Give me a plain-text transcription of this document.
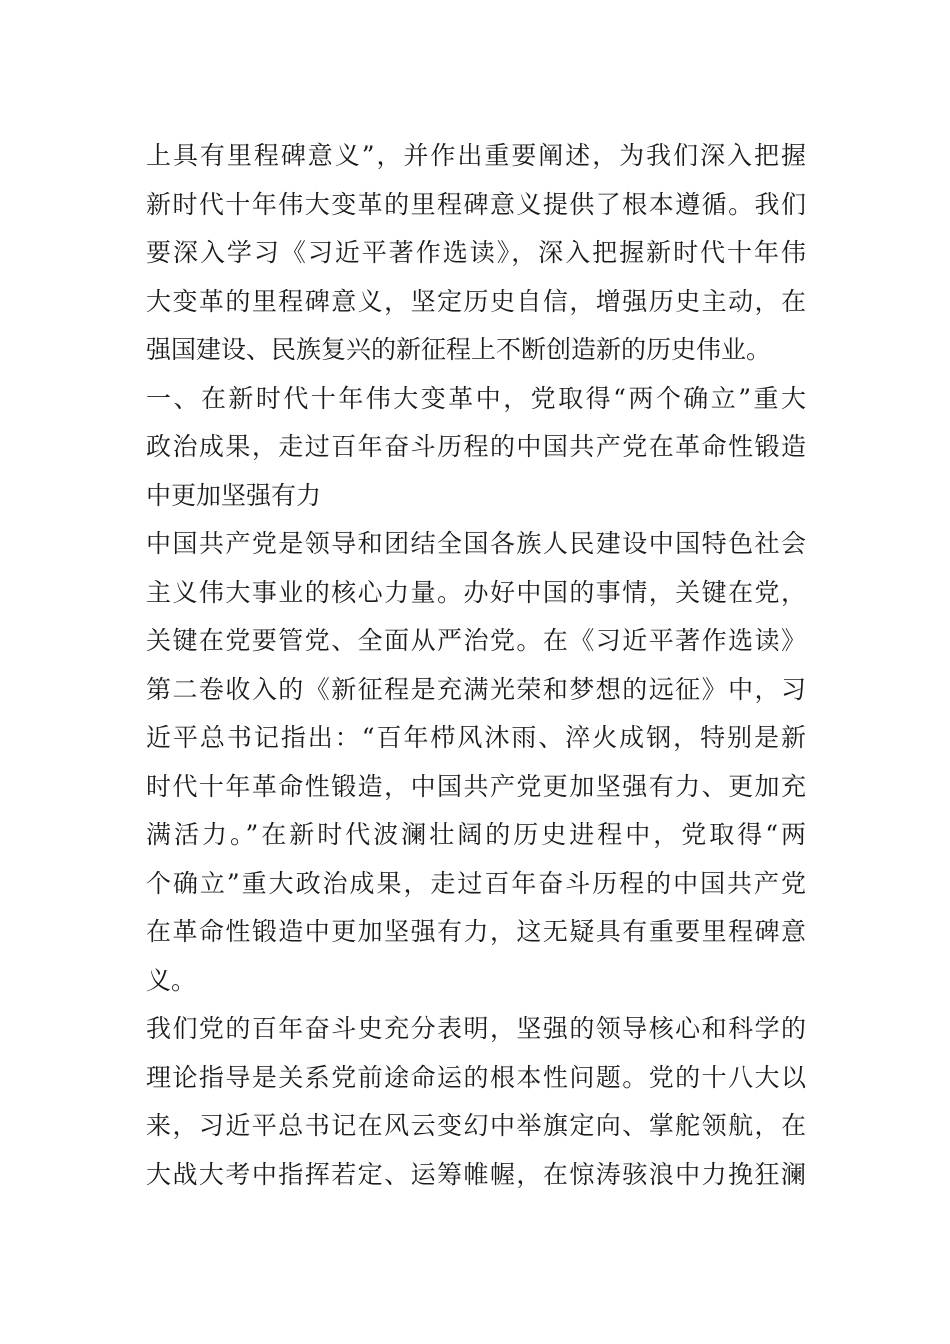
上具有里程碑意义”，并作出重要阐述，为我们深入把握
新时代十年伟大变革的里程碑意义提供了根本遵循。我们
要深入学习《习近平著作选读》，深入把握新时代十年伟
大变革的里程碑意义，坚定历史自信，增强历史主动，在
强国建设、民族复兴的新征程上不断创造新的历史伟业。
一、在新时代十年伟大变革中，党取得“两个确立”重大
政治成果，走过百年奋斗历程的中国共产党在革命性锻造
中更加坚强有力
中国共产党是领导和团结全国各族人民建设中国特色社会
主义伟大事业的核心力量。办好中国的事情，关键在党，
关键在党要管党、全面从严治党。在《习近平著作选读》
第二卷收入的《新征程是充满光荣和梦想的远征》中，习
近平总书记指出：“百年栉风沐雨、淬火成钢，特别是新
时代十年革命性锻造，中国共产党更加坚强有力、更加充
满活力。”在新时代波澜壮阔的历史进程中，党取得“两
个确立”重大政治成果，走过百年奋斗历程的中国共产党
在革命性锻造中更加坚强有力，这无疑具有重要里程碑意
义。
我们党的百年奋斗史充分表明，坚强的领导核心和科学的
理论指导是关系党前途命运的根本性问题。党的十八大以
来，习近平总书记在风云变幻中举旗定向、掌舵领航，在
大战大考中指挥若定、运筹帷幄，在惊涛骇浪中力挽狂澜
